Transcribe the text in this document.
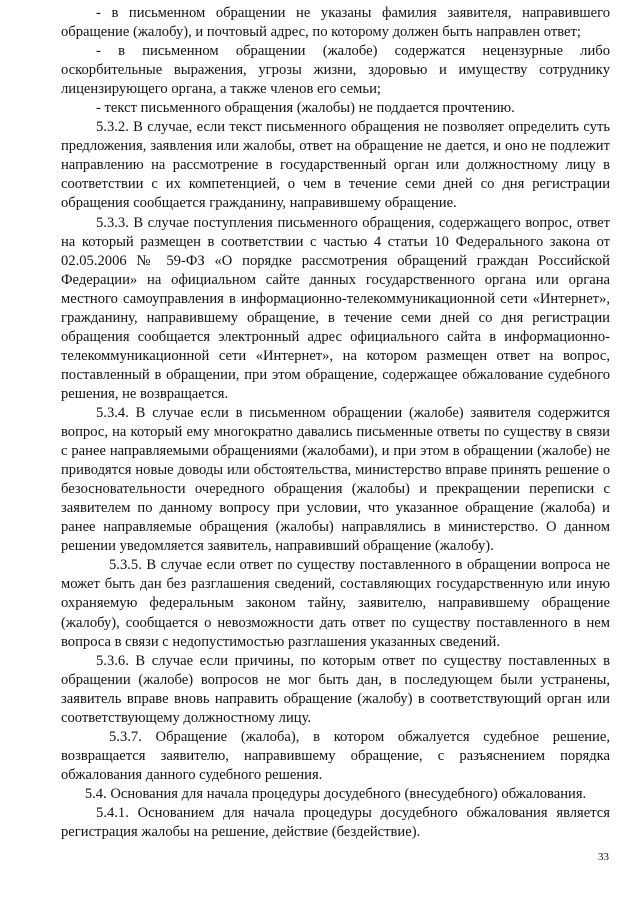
- в письменном обращении не указаны фамилия заявителя, направившего обращение (жалобу), и почтовый адрес, по которому должен быть направлен ответ;

- в письменном обращении (жалобе) содержатся нецензурные либо оскорбительные выражения, угрозы жизни, здоровью и имуществу сотруднику лицензирующего органа, а также членов его семьи;

- текст письменного обращения (жалобы) не поддается прочтению.

5.3.2. В случае, если текст письменного обращения не позволяет определить суть предложения, заявления или жалобы, ответ на обращение не дается, и оно не подлежит направлению на рассмотрение в государственный орган или должностному лицу в соответствии с их компетенцией, о чем в течение семи дней со дня регистрации обращения сообщается гражданину, направившему обращение.

5.3.3. В случае поступления письменного обращения, содержащего вопрос, ответ на который размещен в соответствии с частью 4 статьи 10 Федерального закона от 02.05.2006 № 59-ФЗ «О порядке рассмотрения обращений граждан Российской Федерации» на официальном сайте данных государственного органа или органа местного самоуправления в информационно-телекоммуникационной сети «Интернет», гражданину, направившему обращение, в течение семи дней со дня регистрации обращения сообщается электронный адрес официального сайта в информационно-телекоммуникационной сети «Интернет», на котором размещен ответ на вопрос, поставленный в обращении, при этом обращение, содержащее обжалование судебного решения, не возвращается.

5.3.4. В случае если в письменном обращении (жалобе) заявителя содержится вопрос, на который ему многократно давались письменные ответы по существу в связи с ранее направляемыми обращениями (жалобами), и при этом в обращении (жалобе) не приводятся новые доводы или обстоятельства, министерство вправе принять решение о безосновательности очередного обращения (жалобы) и прекращении переписки с заявителем по данному вопросу при условии, что указанное обращение (жалоба) и ранее направляемые обращения (жалобы) направлялись в министерство. О данном решении уведомляется заявитель, направивший обращение (жалобу).

5.3.5. В случае если ответ по существу поставленного в обращении вопроса не может быть дан без разглашения сведений, составляющих государственную или иную охраняемую федеральным законом тайну, заявителю, направившему обращение (жалобу), сообщается о невозможности дать ответ по существу поставленного в нем вопроса в связи с недопустимостью разглашения указанных сведений.

5.3.6. В случае если причины, по которым ответ по существу поставленных в обращении (жалобе) вопросов не мог быть дан, в последующем были устранены, заявитель вправе вновь направить обращение (жалобу) в соответствующий орган или соответствующему должностному лицу.

5.3.7. Обращение (жалоба), в котором обжалуется судебное решение, возвращается заявителю, направившему обращение, с разъяснением порядка обжалования данного судебного решения.

5.4. Основания для начала процедуры досудебного (внесудебного) обжалования.

5.4.1. Основанием для начала процедуры досудебного обжалования является регистрация жалобы на решение, действие (бездействие).

33
